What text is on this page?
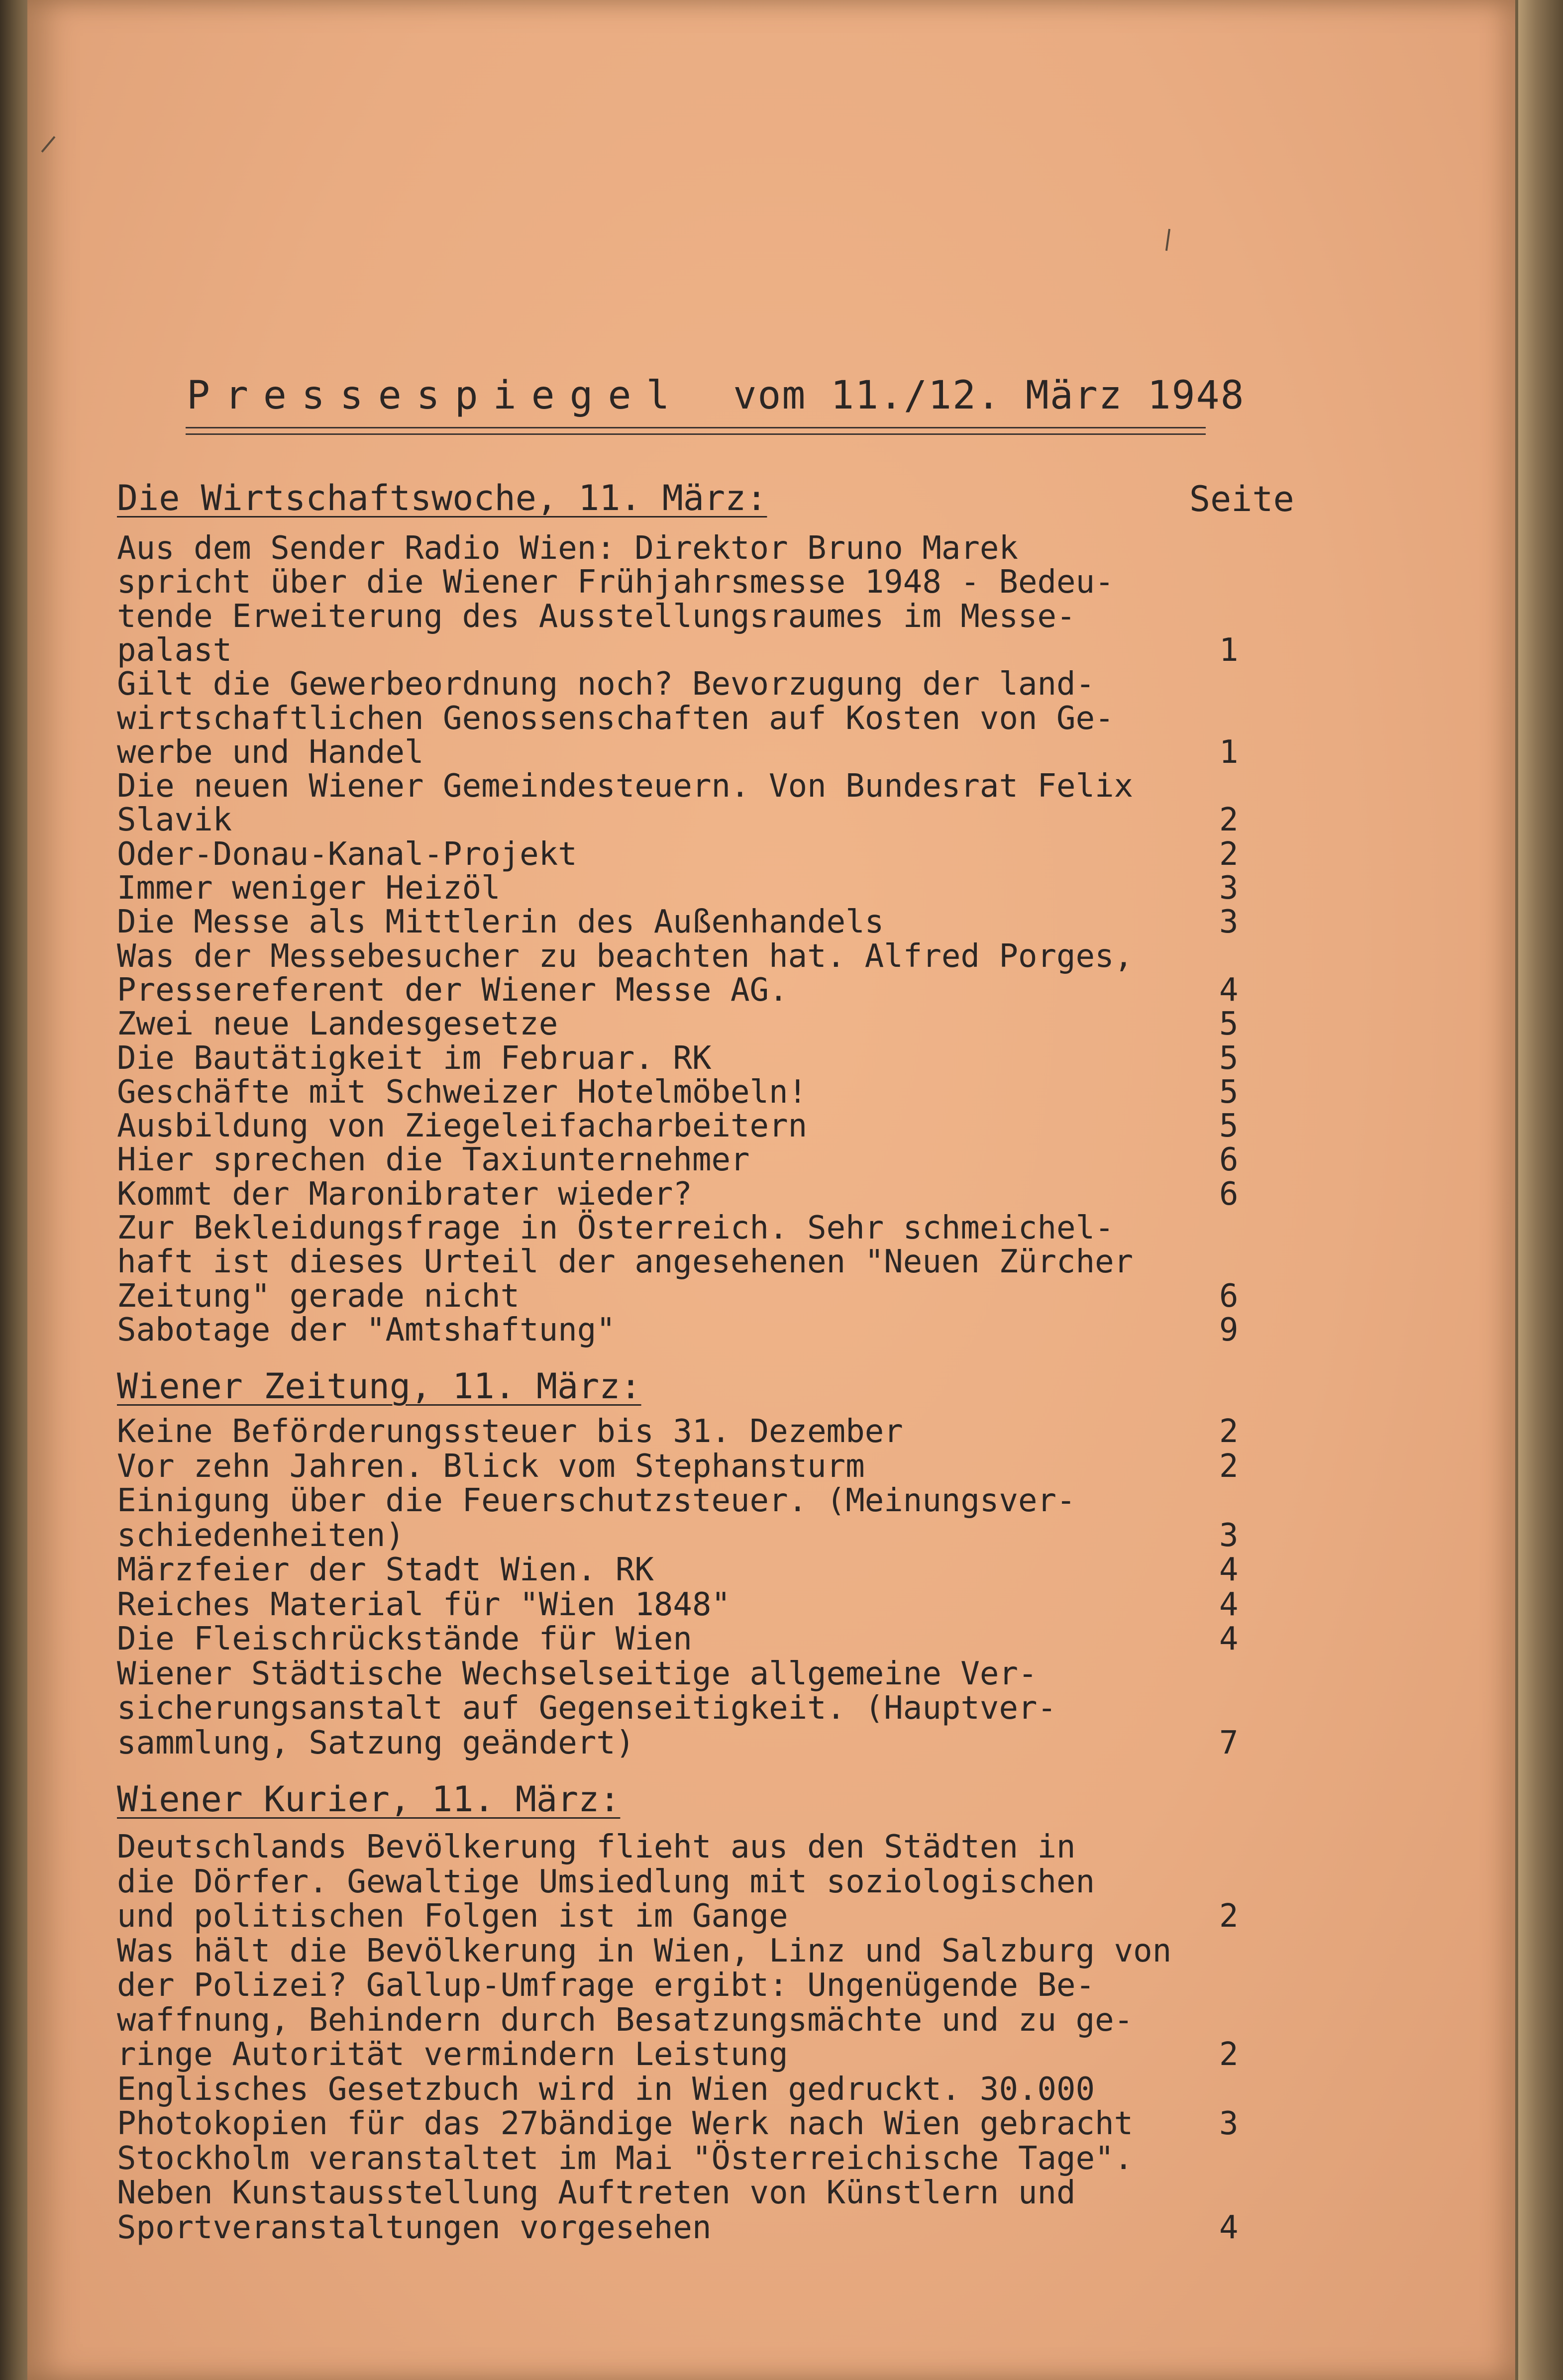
Pressespiegel vom 11./12. März 1948
Seite
Die Wirtschaftswoche, 11. März:
Aus dem Sender Radio Wien: Direktor Bruno Marek
spricht über die Wiener Frühjahrsmesse 1948 - Bedeu-
tende Erweiterung des Ausstellungsraumes im Messe-
palast	1
Gilt die Gewerbeordnung noch? Bevorzugung der land-
wirtschaftlichen Genossenschaften auf Kosten von Ge-
werbe und Handel	1
Die neuen Wiener Gemeindesteuern. Von Bundesrat Felix
Slavik	2
Oder-Donau-Kanal-Projekt	2
Immer weniger Heizöl	3
Die Messe als Mittlerin des Außenhandels	3
Was der Messebesucher zu beachten hat. Alfred Porges,
Pressereferent der Wiener Messe AG.	4
Zwei neue Landesgesetze	5
Die Bautätigkeit im Februar. RK	5
Geschäfte mit Schweizer Hotelmöbeln!	5
Ausbildung von Ziegeleifacharbeitern	5
Hier sprechen die Taxiunternehmer	6
Kommt der Maronibrater wieder?	6
Zur Bekleidungsfrage in Österreich. Sehr schmeichel-
haft ist dieses Urteil der angesehenen "Neuen Zürcher
Zeitung" gerade nicht	6
Sabotage der "Amtshaftung"	9
Wiener Zeitung, 11. März:
Keine Beförderungssteuer bis 31. Dezember	2
Vor zehn Jahren. Blick vom Stephansturm	2
Einigung über die Feuerschutzsteuer. (Meinungsver-
schiedenheiten)	3
Märzfeier der Stadt Wien. RK	4
Reiches Material für "Wien 1848"	4
Die Fleischrückstände für Wien	4
Wiener Städtische Wechselseitige allgemeine Ver-
sicherungsanstalt auf Gegenseitigkeit. (Hauptver-
sammlung, Satzung geändert)	7
Wiener Kurier, 11. März:
Deutschlands Bevölkerung flieht aus den Städten in
die Dörfer. Gewaltige Umsiedlung mit soziologischen
und politischen Folgen ist im Gange	2
Was hält die Bevölkerung in Wien, Linz und Salzburg von
der Polizei? Gallup-Umfrage ergibt: Ungenügende Be-
waffnung, Behindern durch Besatzungsmächte und zu ge-
ringe Autorität vermindern Leistung	2
Englisches Gesetzbuch wird in Wien gedruckt. 30.000
Photokopien für das 27bändige Werk nach Wien gebracht	3
Stockholm veranstaltet im Mai "Österreichische Tage".
Neben Kunstausstellung Auftreten von Künstlern und
Sportveranstaltungen vorgesehen	4
